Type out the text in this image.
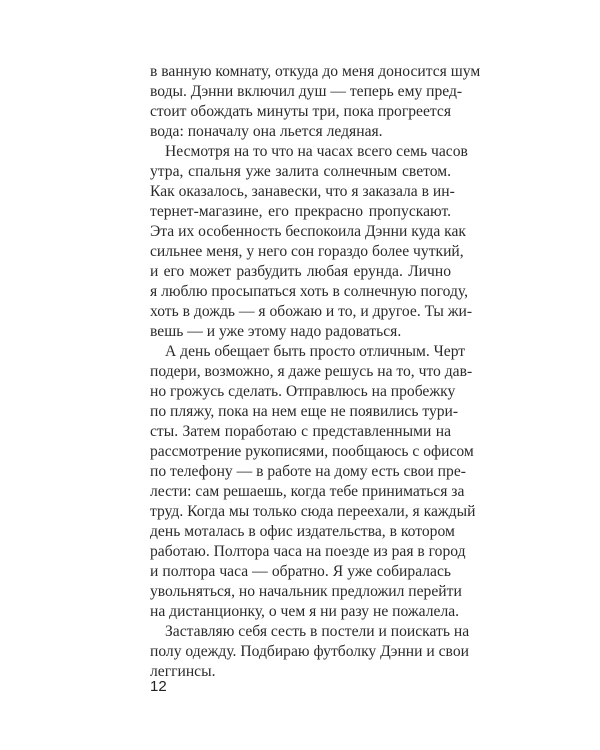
в ванную комнату, откуда до меня доносится шум
воды. Дэнни включил душ — теперь ему пред-
стоит обождать минуты три, пока прогреется
вода: поначалу она льется ледяная.
Несмотря на то что на часах всего семь часов
утра, спальня уже залита солнечным светом.
Как оказалось, занавески, что я заказала в ин-
тернет-магазине, его прекрасно пропускают.
Эта их особенность беспокоила Дэнни куда как
сильнее меня, у него сон гораздо более чуткий,
и его может разбудить любая ерунда. Лично
я люблю просыпаться хоть в солнечную погоду,
хоть в дождь — я обожаю и то, и другое. Ты жи-
вешь — и уже этому надо радоваться.
А день обещает быть просто отличным. Черт
подери, возможно, я даже решусь на то, что дав-
но грожусь сделать. Отправлюсь на пробежку
по пляжу, пока на нем еще не появились тури-
сты. Затем поработаю с представленными на
рассмотрение рукописями, пообщаюсь с офисом
по телефону — в работе на дому есть свои пре-
лести: сам решаешь, когда тебе приниматься за
труд. Когда мы только сюда переехали, я каждый
день моталась в офис издательства, в котором
работаю. Полтора часа на поезде из рая в город
и полтора часа — обратно. Я уже собиралась
увольняться, но начальник предложил перейти
на дистанционку, о чем я ни разу не пожалела.
Заставляю себя сесть в постели и поискать на
полу одежду. Подбираю футболку Дэнни и свои
леггинсы.
12
